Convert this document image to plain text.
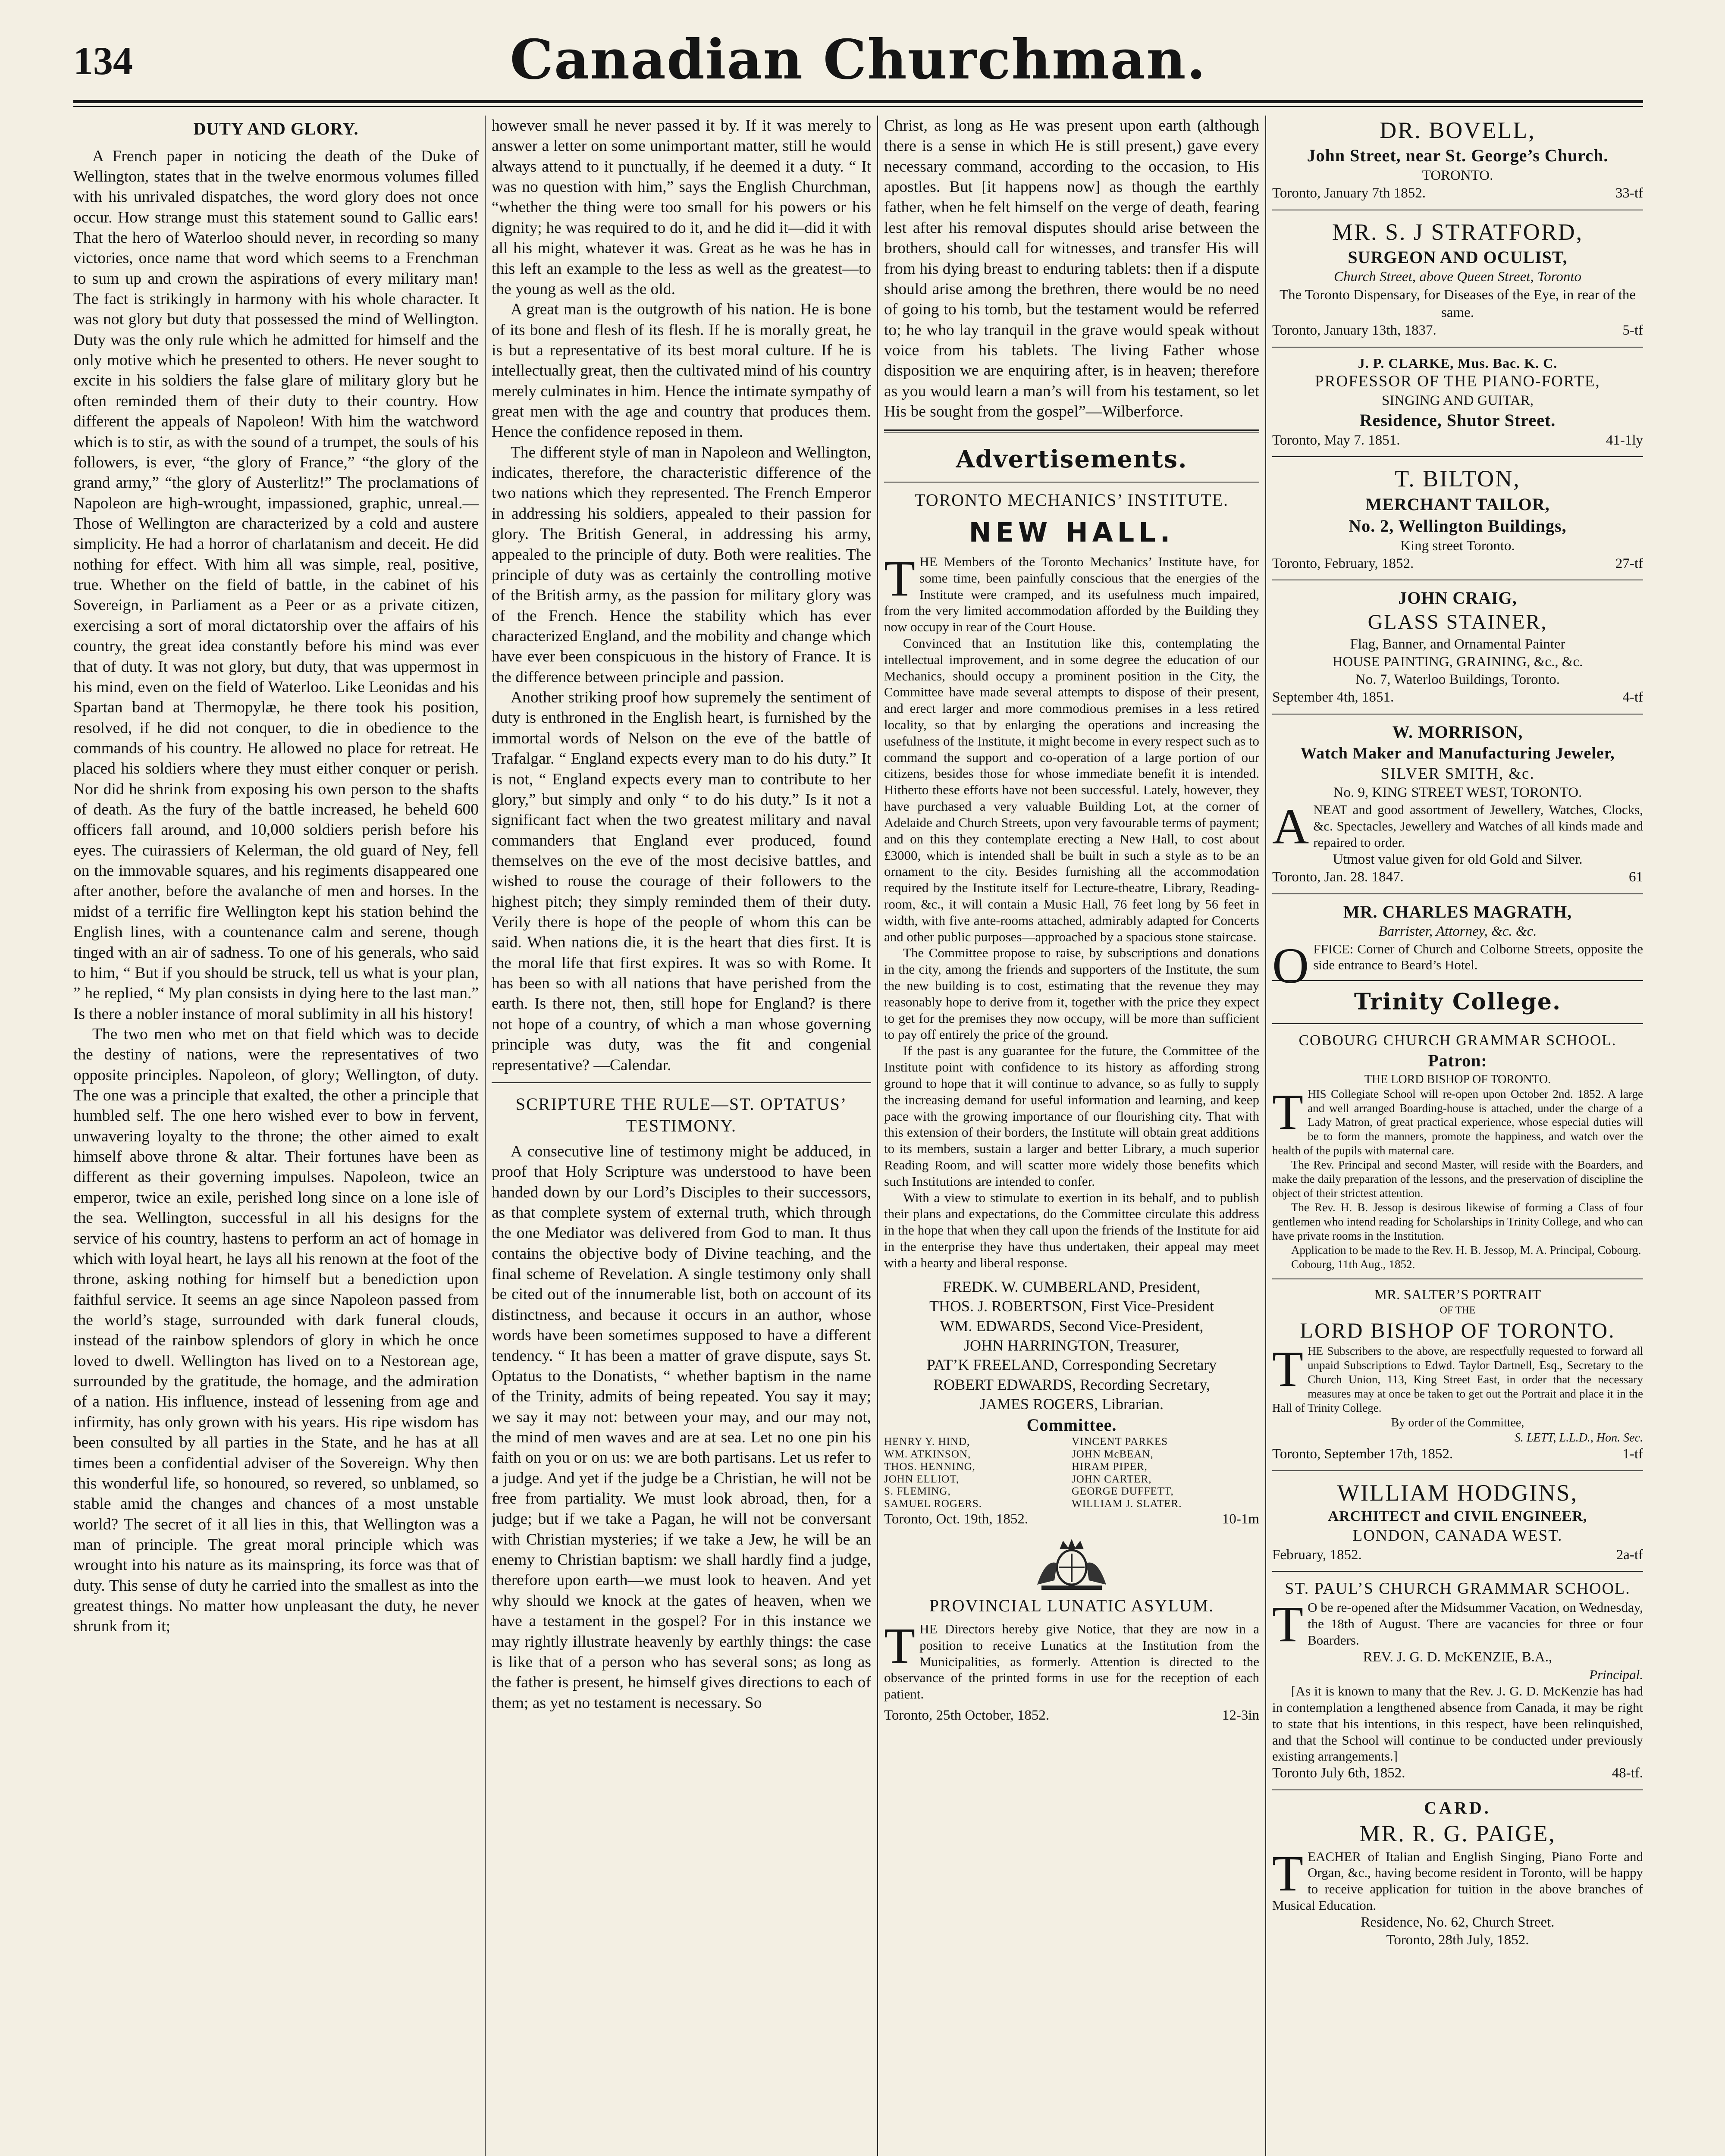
134	Canadian Churchman.
DUTY AND GLORY.

A French paper in noticing the death of the Duke of Wellington, states that in the twelve enormous volumes filled with his unrivaled dispatches, the word glory does not once occur. How strange must this statement sound to Gallic ears! That the hero of Waterloo should never, in recording so many victories, once name that word which seems to a Frenchman to sum up and crown the aspirations of every military man! The fact is strikingly in harmony with his whole character. It was not glory but duty that possessed the mind of Wellington. Duty was the only rule which he admitted for himself and the only motive which he presented to others. He never sought to excite in his soldiers the false glare of military glory but he often reminded them of their duty to their country. How different the appeals of Napoleon! With him the watchword which is to stir, as with the sound of a trumpet, the souls of his followers, is ever, “the glory of France,” “the glory of the grand army,” “the glory of Austerlitz!” The proclamations of Napoleon are high-wrought, impassioned, graphic, unreal.—Those of Wellington are characterized by a cold and austere simplicity. He had a horror of charlatanism and deceit. He did nothing for effect. With him all was simple, real, positive, true. Whether on the field of battle, in the cabinet of his Sovereign, in Parliament as a Peer or as a private citizen, exercising a sort of moral dictatorship over the affairs of his country, the great idea constantly before his mind was ever that of duty. It was not glory, but duty, that was uppermost in his mind, even on the field of Waterloo. Like Leonidas and his Spartan band at Thermopylæ, he there took his position, resolved, if he did not conquer, to die in obedience to the commands of his country. He allowed no place for retreat. He placed his soldiers where they must either conquer or perish. Nor did he shrink from exposing his own person to the shafts of death. As the fury of the battle increased, he beheld 600 officers fall around, and 10,000 soldiers perish before his eyes. The cuirassiers of Kelerman, the old guard of Ney, fell on the immovable squares, and his regiments disappeared one after another, before the avalanche of men and horses. In the midst of a terrific fire Wellington kept his station behind the English lines, with a countenance calm and serene, though tinged with an air of sadness. To one of his generals, who said to him, “ But if you should be struck, tell us what is your plan, ” he replied, “ My plan consists in dying here to the last man.” Is there a nobler instance of moral sublimity in all his history!

The two men who met on that field which was to decide the destiny of nations, were the representatives of two opposite principles. Napoleon, of glory; Wellington, of duty. The one was a principle that exalted, the other a principle that humbled self. The one hero wished ever to bow in fervent, unwavering loyalty to the throne; the other aimed to exalt himself above throne & altar. Their fortunes have been as different as their governing impulses. Napoleon, twice an emperor, twice an exile, perished long since on a lone isle of the sea. Wellington, successful in all his designs for the service of his country, hastens to perform an act of homage in which with loyal heart, he lays all his renown at the foot of the throne, asking nothing for himself but a benediction upon faithful service. It seems an age since Napoleon passed from the world’s stage, surrounded with dark funeral clouds, instead of the rainbow splendors of glory in which he once loved to dwell. Wellington has lived on to a Nestorean age, surrounded by the gratitude, the homage, and the admiration of a nation. His influence, instead of lessening from age and infirmity, has only grown with his years. His ripe wisdom has been consulted by all parties in the State, and he has at all times been a confidential adviser of the Sovereign. Why then this wonderful life, so honoured, so revered, so unblamed, so stable amid the changes and chances of a most unstable world? The secret of it all lies in this, that Wellington was a man of principle. The great moral principle which was wrought into his nature as its mainspring, its force was that of duty. This sense of duty he carried into the smallest as into the greatest things. No matter how unpleasant the duty, he never shrunk from it;

however small he never passed it by. If it was merely to answer a letter on some unimportant matter, still he would always attend to it punctually, if he deemed it a duty. “ It was no question with him,” says the English Churchman, “whether the thing were too small for his powers or his dignity; he was required to do it, and he did it—did it with all his might, whatever it was. Great as he was he has in this left an example to the less as well as the greatest—to the young as well as the old.

A great man is the outgrowth of his nation. He is bone of its bone and flesh of its flesh. If he is morally great, he is but a representative of its best moral culture. If he is intellectually great, then the cultivated mind of his country merely culminates in him. Hence the intimate sympathy of great men with the age and country that produces them. Hence the confidence reposed in them.

The different style of man in Napoleon and Wellington, indicates, therefore, the characteristic difference of the two nations which they represented. The French Emperor in addressing his soldiers, appealed to their passion for glory. The British General, in addressing his army, appealed to the principle of duty. Both were realities. The principle of duty was as certainly the controlling motive of the British army, as the passion for military glory was of the French. Hence the stability which has ever characterized England, and the mobility and change which have ever been conspicuous in the history of France. It is the difference between principle and passion.

Another striking proof how supremely the sentiment of duty is enthroned in the English heart, is furnished by the immortal words of Nelson on the eve of the battle of Trafalgar. “ England expects every man to do his duty.” It is not, “ England expects every man to contribute to her glory,” but simply and only “ to do his duty.” Is it not a significant fact when the two greatest military and naval commanders that England ever produced, found themselves on the eve of the most decisive battles, and wished to rouse the courage of their followers to the highest pitch; they simply reminded them of their duty. Verily there is hope of the people of whom this can be said. When nations die, it is the heart that dies first. It is the moral life that first expires. It was so with Rome. It has been so with all nations that have perished from the earth. Is there not, then, still hope for England? is there not hope of a country, of which a man whose governing principle was duty, was the fit and congenial representative? —Calendar.

SCRIPTURE THE RULE—ST. OPTATUS’ TESTIMONY.

A consecutive line of testimony might be adduced, in proof that Holy Scripture was understood to have been handed down by our Lord’s Disciples to their successors, as that complete system of external truth, which through the one Mediator was delivered from God to man. It thus contains the objective body of Divine teaching, and the final scheme of Revelation. A single testimony only shall be cited out of the innumerable list, both on account of its distinctness, and because it occurs in an author, whose words have been sometimes supposed to have a different tendency. “ It has been a matter of grave dispute, says St. Optatus to the Donatists, “ whether baptism in the name of the Trinity, admits of being repeated. You say it may; we say it may not: between your may, and our may not, the mind of men waves and are at sea. Let no one pin his faith on you or on us: we are both partisans. Let us refer to a judge. And yet if the judge be a Christian, he will not be free from partiality. We must look abroad, then, for a judge; but if we take a Pagan, he will not be conversant with Christian mysteries; if we take a Jew, he will be an enemy to Christian baptism: we shall hardly find a judge, therefore upon earth—we must look to heaven. And yet why should we knock at the gates of heaven, when we have a testament in the gospel? For in this instance we may rightly illustrate heavenly by earthly things: the case is like that of a person who has several sons; as long as the father is present, he himself gives directions to each of them; as yet no testament is necessary. So

Christ, as long as He was present upon earth (although there is a sense in which He is still present,) gave every necessary command, according to the occasion, to His apostles. But [it happens now] as though the earthly father, when he felt himself on the verge of death, fearing lest after his removal disputes should arise between the brothers, should call for witnesses, and transfer His will from his dying breast to enduring tablets: then if a dispute should arise among the brethren, there would be no need of going to his tomb, but the testament would be referred to; he who lay tranquil in the grave would speak without voice from his tablets. The living Father whose disposition we are enquiring after, is in heaven; therefore as you would learn a man’s will from his testament, so let His be sought from the gospel”—Wilberforce.

Advertisements.
TORONTO MECHANICS’ INSTITUTE.
NEW HALL.

THE Members of the Toronto Mechanics’ Institute have, for some time, been painfully conscious that the energies of the Institute were cramped, and its usefulness much impaired, from the very limited accommodation afforded by the Building they now occupy in rear of the Court House.

Convinced that an Institution like this, contemplating the intellectual improvement, and in some degree the education of our Mechanics, should occupy a prominent position in the City, the Committee have made several attempts to dispose of their present, and erect larger and more commodious premises in a less retired locality, so that by enlarging the operations and increasing the usefulness of the Institute, it might become in every respect such as to command the support and co-operation of a large portion of our citizens, besides those for whose immediate benefit it is intended. Hitherto these efforts have not been successful. Lately, however, they have purchased a very valuable Building Lot, at the corner of Adelaide and Church Streets, upon very favourable terms of payment; and on this they contemplate erecting a New Hall, to cost about £3000, which is intended shall be built in such a style as to be an ornament to the city. Besides furnishing all the accommodation required by the Institute itself for Lecture-theatre, Library, Reading-room, &c., it will contain a Music Hall, 76 feet long by 56 feet in width, with five ante-rooms attached, admirably adapted for Concerts and other public purposes—approached by a spacious stone staircase.

The Committee propose to raise, by subscriptions and donations in the city, among the friends and supporters of the Institute, the sum the new building is to cost, estimating that the revenue they may reasonably hope to derive from it, together with the price they expect to get for the premises they now occupy, will be more than sufficient to pay off entirely the price of the ground.

If the past is any guarantee for the future, the Committee of the Institute point with confidence to its history as affording strong ground to hope that it will continue to advance, so as fully to supply the increasing demand for useful information and learning, and keep pace with the growing importance of our flourishing city. That with this extension of their borders, the Institute will obtain great additions to its members, sustain a larger and better Library, a much superior Reading Room, and will scatter more widely those benefits which such Institutions are intended to confer.

With a view to stimulate to exertion in its behalf, and to publish their plans and expectations, do the Committee circulate this address in the hope that when they call upon the friends of the Institute for aid in the enterprise they have thus undertaken, their appeal may meet with a hearty and liberal response.

FREDK. W. CUMBERLAND, President,
THOS. J. ROBERTSON, First Vice-President
WM. EDWARDS, Second Vice-President,
JOHN HARRINGTON, Treasurer,
PAT’K FREELAND, Corresponding Secretary
ROBERT EDWARDS, Recording Secretary,
JAMES ROGERS, Librarian.
Committee.
HENRY Y. HIND,	VINCENT PARKES
WM. ATKINSON,	JOHN McBEAN,
THOS. HENNING,	HIRAM PIPER,
JOHN ELLIOT,	JOHN CARTER,
S. FLEMING,	GEORGE DUFFETT,
SAMUEL ROGERS.	WILLIAM J. SLATER.
Toronto, Oct. 19th, 1852.	10-1m
PROVINCIAL LUNATIC ASYLUM.

THE Directors hereby give Notice, that they are now in a position to receive Lunatics at the Institution from the Municipalities, as formerly. Attention is directed to the observance of the printed forms in use for the reception of each patient.

Toronto, 25th October, 1852.	12-3in
DR. BOVELL,
John Street, near St. George’s Church.
TORONTO.
Toronto, January 7th 1852.	33-tf
MR. S. J STRATFORD,
SURGEON AND OCULIST,
Church Street, above Queen Street, Toronto
The Toronto Dispensary, for Diseases of the Eye, in rear of the same.
Toronto, January 13th, 1837.	5-tf
J. P. CLARKE, Mus. Bac. K. C.
PROFESSOR OF THE PIANO-FORTE,
SINGING AND GUITAR,
Residence, Shutor Street.
Toronto, May 7. 1851.	41-1ly
T. BILTON,
MERCHANT TAILOR,
No. 2, Wellington Buildings,
King street Toronto.
Toronto, February, 1852.	27-tf
JOHN CRAIG,
GLASS STAINER,
Flag, Banner, and Ornamental Painter
HOUSE PAINTING, GRAINING, &c., &c.
No. 7, Waterloo Buildings, Toronto.
September 4th, 1851.	4-tf
W. MORRISON,
Watch Maker and Manufacturing Jeweler,
SILVER SMITH, &c.
No. 9, KING STREET WEST, TORONTO.

ANEAT and good assortment of Jewellery, Watches, Clocks, &c. Spectacles, Jewellery and Watches of all kinds made and repaired to order.

Utmost value given for old Gold and Silver.
Toronto, Jan. 28. 1847.	61
MR. CHARLES MAGRATH,
Barrister, Attorney, &c. &c.

OFFICE: Corner of Church and Colborne Streets, opposite the side entrance to Beard’s Hotel.

Trinity College.
COBOURG CHURCH GRAMMAR SCHOOL.
Patron:
THE LORD BISHOP OF TORONTO.

THIS Collegiate School will re-open upon October 2nd. 1852. A large and well arranged Boarding-house is attached, under the charge of a Lady Matron, of great practical experience, whose especial duties will be to form the manners, promote the happiness, and watch over the health of the pupils with maternal care.

The Rev. Principal and second Master, will reside with the Boarders, and make the daily preparation of the lessons, and the preservation of discipline the object of their strictest attention.

The Rev. H. B. Jessop is desirous likewise of forming a Class of four gentlemen who intend reading for Scholarships in Trinity College, and who can have private rooms in the Institution.

Application to be made to the Rev. H. B. Jessop, M. A. Principal, Cobourg.

Cobourg, 11th Aug., 1852.

MR. SALTER’S PORTRAIT
OF THE
LORD BISHOP OF TORONTO.

THE Subscribers to the above, are respectfully requested to forward all unpaid Subscriptions to Edwd. Taylor Dartnell, Esq., Secretary to the Church Union, 113, King Street East, in order that the necessary measures may at once be taken to get out the Portrait and place it in the Hall of Trinity College.

By order of the Committee,
S. LETT, L.L.D., Hon. Sec.
Toronto, September 17th, 1852.	1-tf
WILLIAM HODGINS,
ARCHITECT and CIVIL ENGINEER,
LONDON, CANADA WEST.
February, 1852.	2a-tf
ST. PAUL’S CHURCH GRAMMAR SCHOOL.

TO be re-opened after the Midsummer Vacation, on Wednesday, the 18th of August. There are vacancies for three or four Boarders.

REV. J. G. D. McKENZIE, B.A.,
Principal.

[As it is known to many that the Rev. J. G. D. McKenzie has had in contemplation a lengthened absence from Canada, it may be right to state that his intentions, in this respect, have been relinquished, and that the School will continue to be conducted under previously existing arrangements.]

Toronto July 6th, 1852.	48-tf.
CARD.
MR. R. G. PAIGE,

TEACHER of Italian and English Singing, Piano Forte and Organ, &c., having become resident in Toronto, will be happy to receive application for tuition in the above branches of Musical Education.

Residence, No. 62, Church Street.
Toronto, 28th July, 1852.
